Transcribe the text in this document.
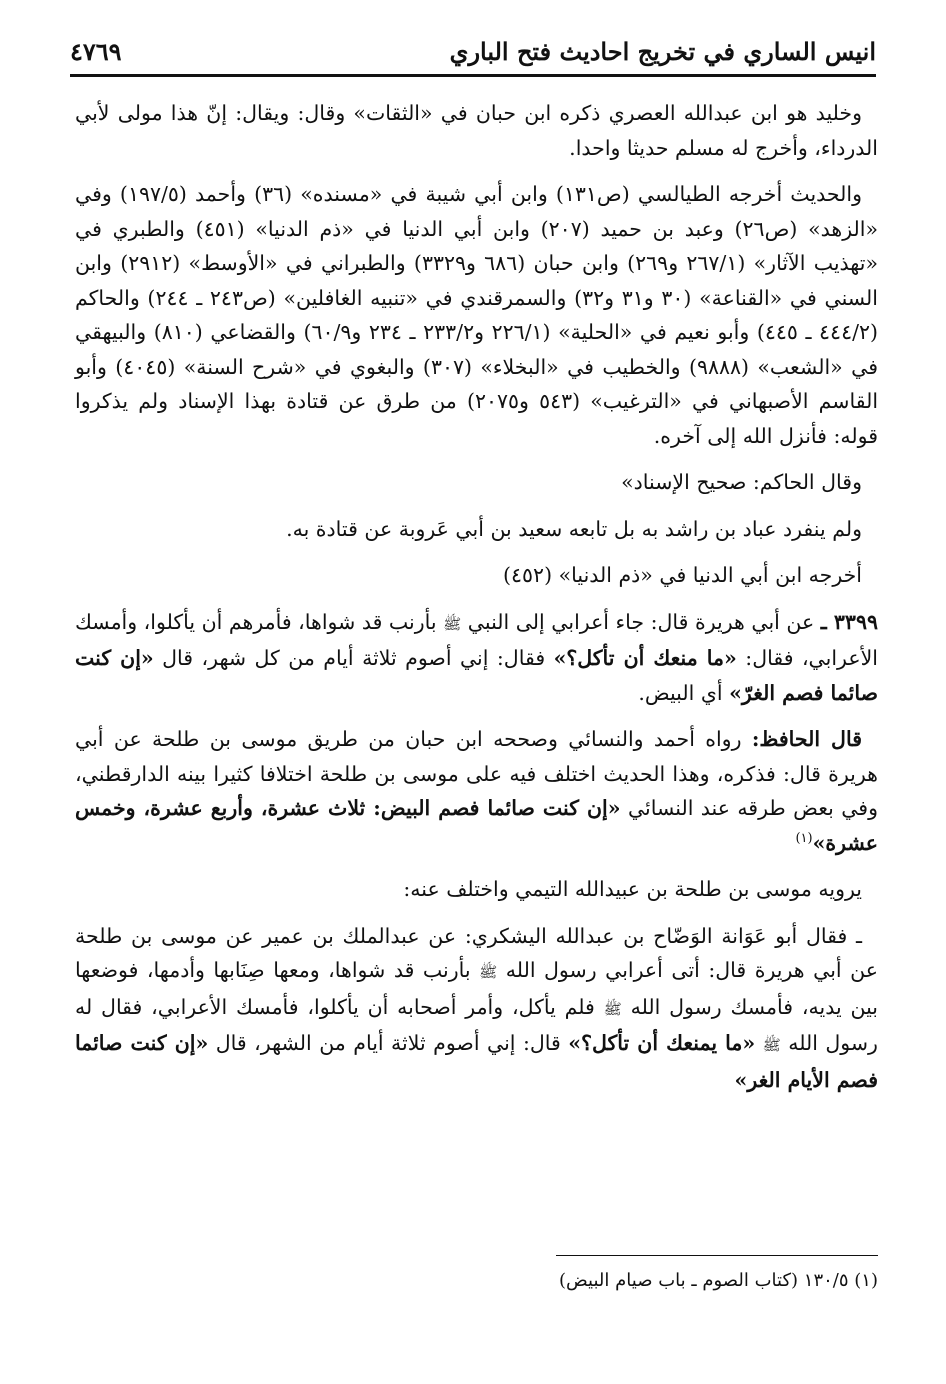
انيس الساري في تخريج احاديث فتح الباري
٤٧٦٩

وخليد هو ابن عبدالله العصري ذكره ابن حبان في «الثقات» وقال: ويقال: إنّ هذا مولى لأبي الدرداء، وأخرج له مسلم حديثا واحدا.

والحديث أخرجه الطيالسي (ص١٣١) وابن أبي شيبة في «مسنده» (٣٦) وأحمد (١٩٧/٥) وفي «الزهد» (ص٢٦) وعبد بن حميد (٢٠٧) وابن أبي الدنيا في «ذم الدنيا» (٤٥١) والطبري في «تهذيب الآثار» (٢٦٧/١ و٢٦٩) وابن حبان (٦٨٦ و٣٣٢٩) والطبراني في «الأوسط» (٢٩١٢) وابن السني في «القناعة» (٣٠ و٣١ و٣٢) والسمرقندي في «تنبيه الغافلين» (ص٢٤٣ ـ ٢٤٤) والحاكم (٤٤٤/٢ ـ ٤٤٥) وأبو نعيم في «الحلية» (٢٢٦/١ و٢٣٣/٢ ـ ٢٣٤ و٦٠/٩) والقضاعي (٨١٠) والبيهقي في «الشعب» (٩٨٨٨) والخطيب في «البخلاء» (٣٠٧) والبغوي في «شرح السنة» (٤٠٤٥) وأبو القاسم الأصبهاني في «الترغيب» (٥٤٣ و٢٠٧٥) من طرق عن قتادة بهذا الإسناد ولم يذكروا قوله: فأنزل الله إلى آخره.

وقال الحاكم: صحيح الإسناد»

ولم ينفرد عباد بن راشد به بل تابعه سعيد بن أبي عَروبة عن قتادة به.

أخرجه ابن أبي الدنيا في «ذم الدنيا» (٤٥٢)

٣٣٩٩ ـ عن أبي هريرة قال: جاء أعرابي إلى النبي ﷺ بأرنب قد شواها، فأمرهم أن يأكلوا، وأمسك الأعرابي، فقال: «ما منعك أن تأكل؟» فقال: إني أصوم ثلاثة أيام من كل شهر، قال «إن كنت صائما فصم الغرّ» أي البيض.

قال الحافظ: رواه أحمد والنسائي وصححه ابن حبان من طريق موسى بن طلحة عن أبي هريرة قال: فذكره، وهذا الحديث اختلف فيه على موسى بن طلحة اختلافا كثيرا بينه الدارقطني، وفي بعض طرقه عند النسائي «إن كنت صائما فصم البيض: ثلاث عشرة، وأربع عشرة، وخمس عشرة»$^{(١)}$

يرويه موسى بن طلحة بن عبيدالله التيمي واختلف عنه:

ـ فقال أبو عَوَانة الوَضّاح بن عبدالله اليشكري: عن عبدالملك بن عمير عن موسى بن طلحة عن أبي هريرة قال: أتى أعرابي رسول الله ﷺ بأرنب قد شواها، ومعها صِنَابها وأدمها، فوضعها بين يديه، فأمسك رسول الله ﷺ فلم يأكل، وأمر أصحابه أن يأكلوا، فأمسك الأعرابي، فقال له رسول الله ﷺ «ما يمنعك أن تأكل؟» قال: إني أصوم ثلاثة أيام من الشهر، قال «إن كنت صائما فصم الأيام الغر»

(١) ١٣٠/٥ (كتاب الصوم ـ باب صيام البيض)
